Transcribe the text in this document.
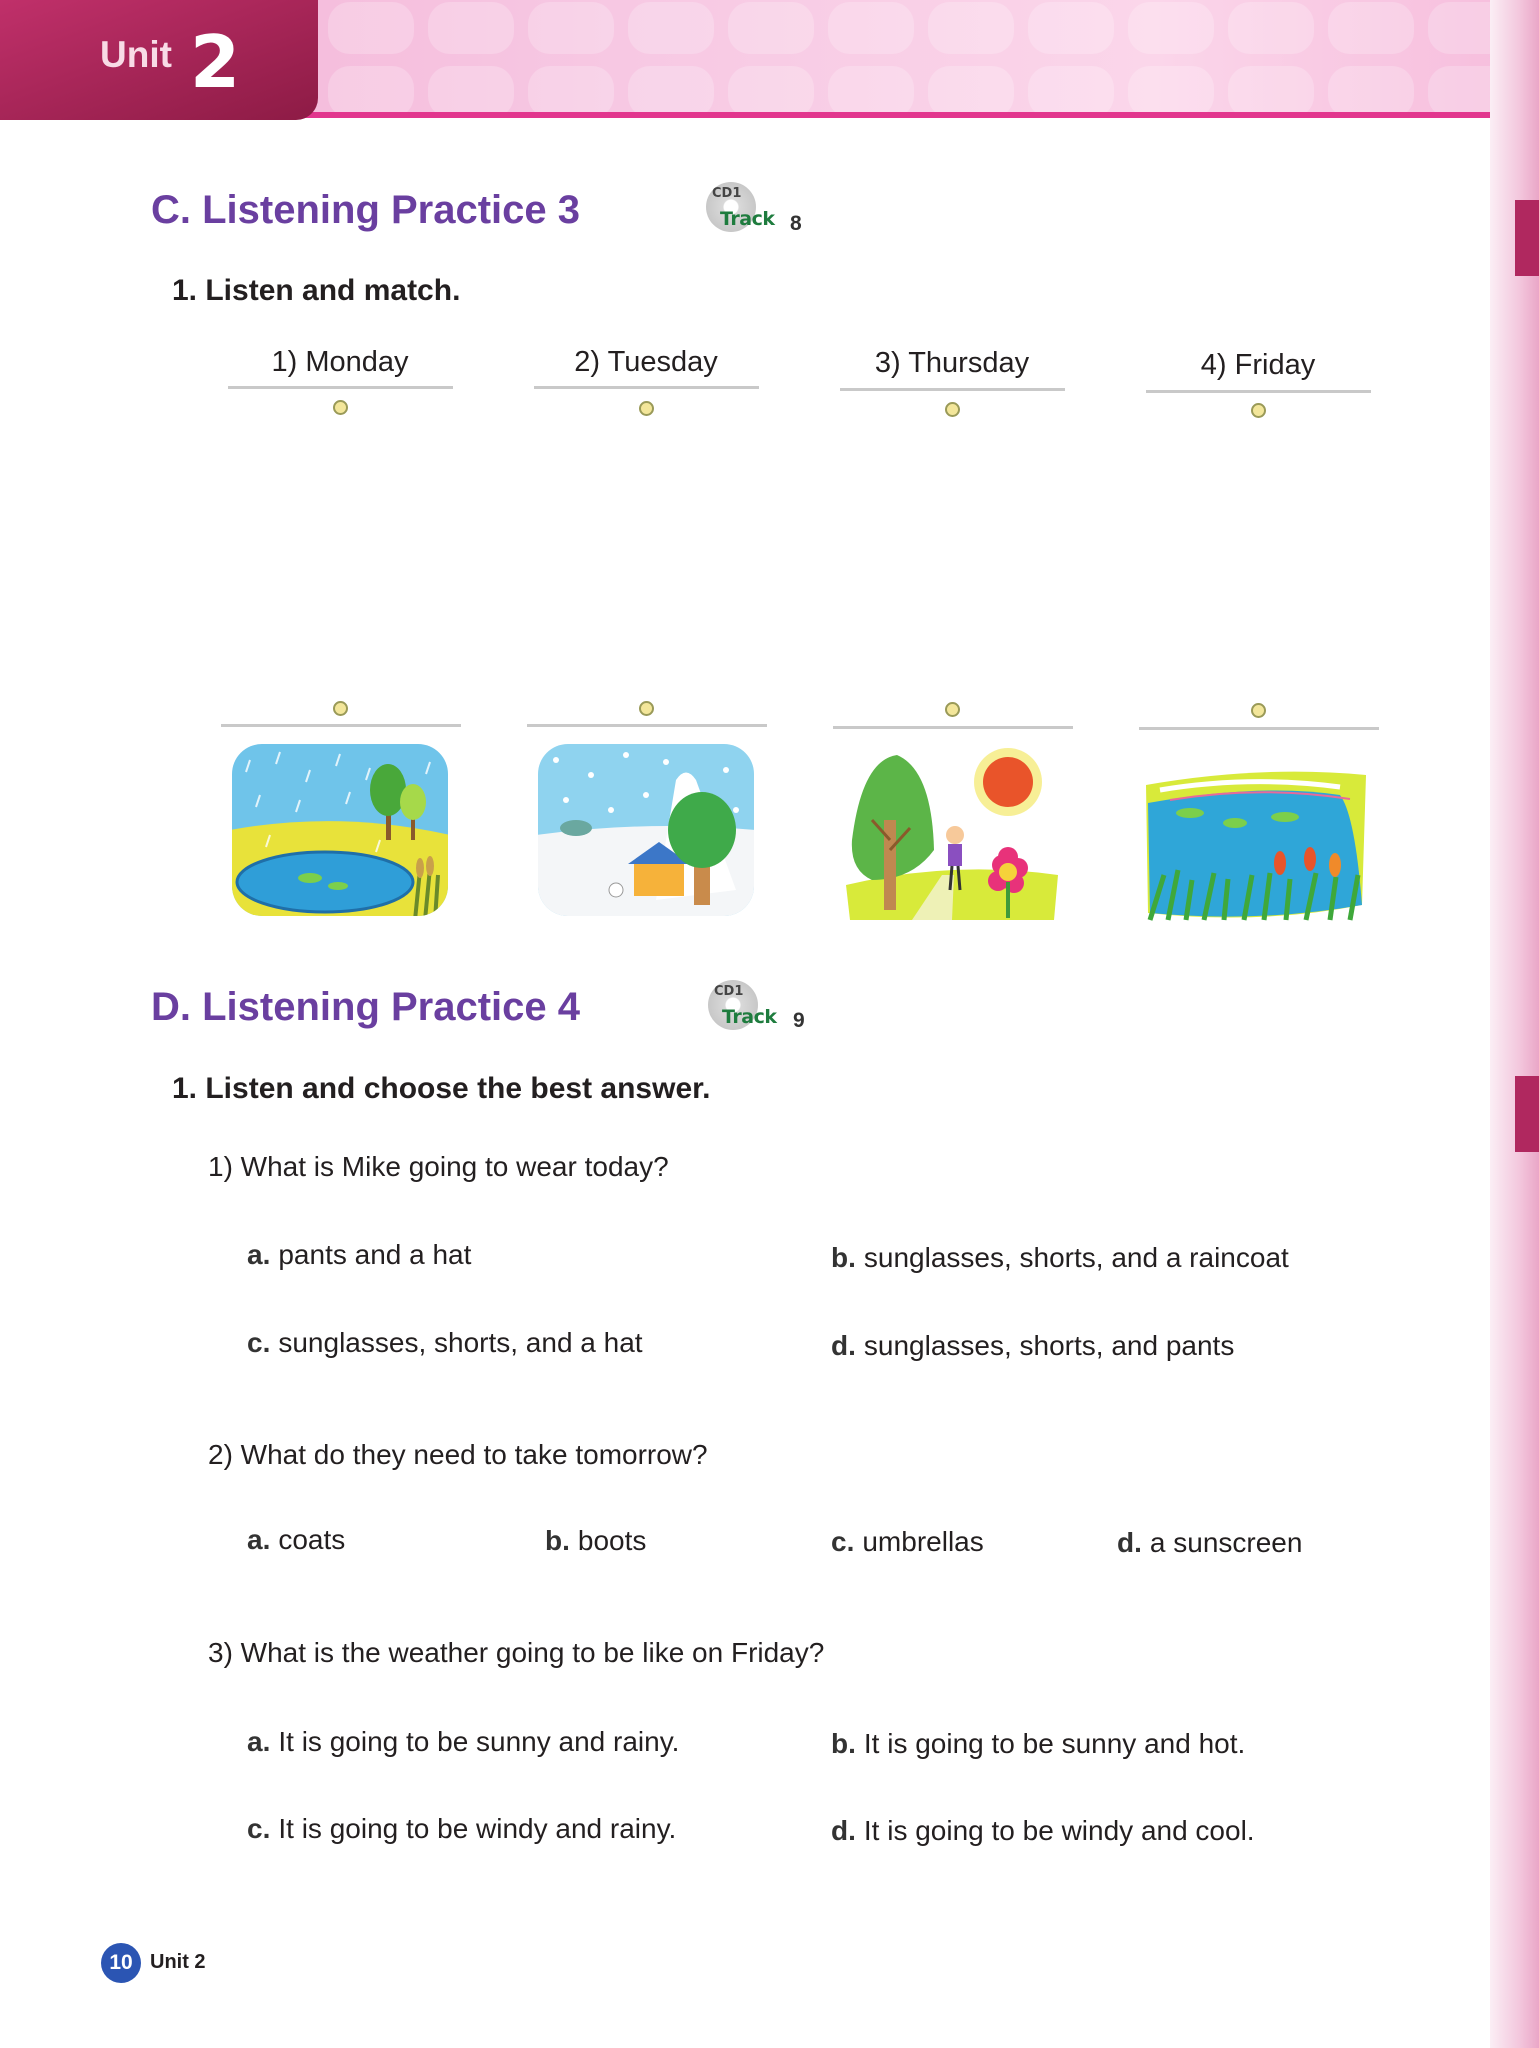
Unit 2
C. Listening Practice 3	CD1
Track 8
1. Listen and match.
1) Monday	2) Tuesday	3) Thursday	4) Friday
D. Listening Practice 4	CD1
Track 9
1. Listen and choose the best answer.
1) What is Mike going to wear today?
a. pants and a hat	b. sunglasses, shorts, and a raincoat
c. sunglasses, shorts, and a hat	d. sunglasses, shorts, and pants
2) What do they need to take tomorrow?
a. coats	b. boots	c. umbrellas	d. a sunscreen
3) What is the weather going to be like on Friday?
a. It is going to be sunny and rainy.	b. It is going to be sunny and hot.
c. It is going to be windy and rainy.	d. It is going to be windy and cool.
10 Unit 2
